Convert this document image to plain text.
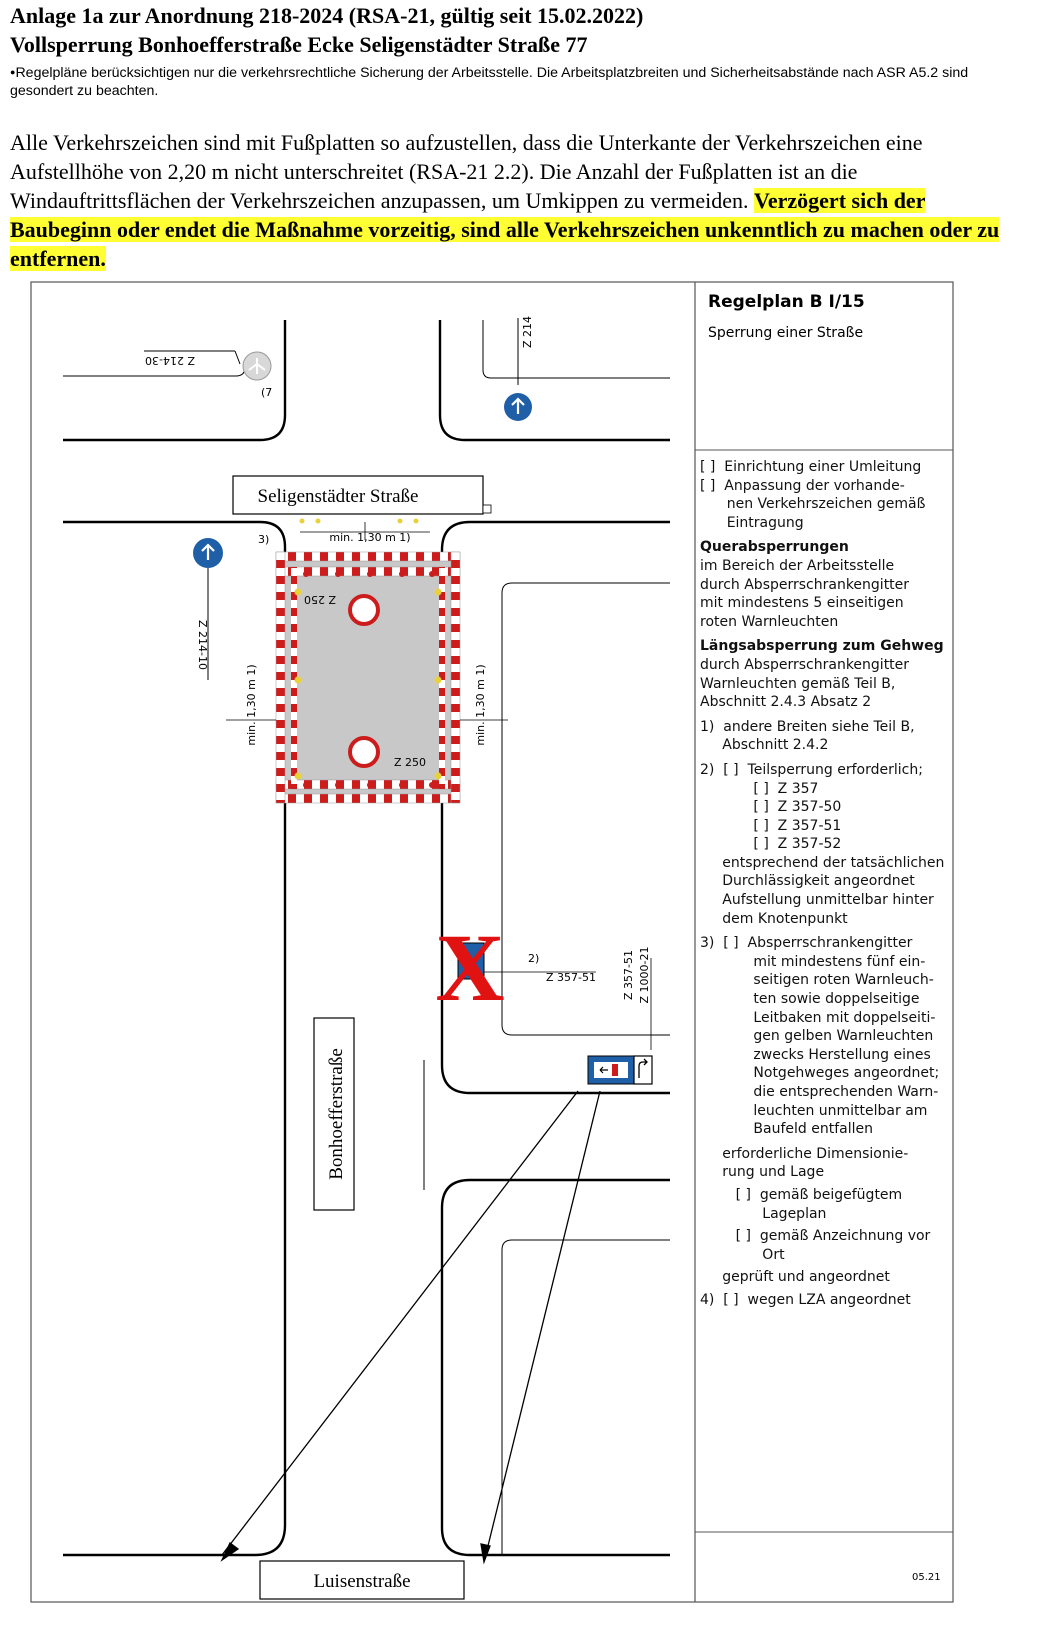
Anlage 1a zur Anordnung 218-2024 (RSA-21, gültig seit 15.02.2022)
Vollsperrung Bonhoefferstraße Ecke Seligenstädter Straße 77
●Regelpläne berücksichtigen nur die verkehrsrechtliche Sicherung der Arbeitsstelle. Die Arbeitsplatzbreiten und Sicherheitsabstände nach ASR A5.2 sind gesondert zu beachten.
Alle Verkehrszeichen sind mit Fußplatten so aufzustellen, dass die Unterkante der Verkehrszeichen eine Aufstellhöhe von 2,20 m nicht unterschreitet (RSA-21 2.2). Die Anzahl der Fußplatten ist an die Windauftrittsflächen der Verkehrszeichen anzupassen, um Umkippen zu vermeiden. Verzögert sich der Baubeginn oder endet die Maßnahme vorzeitig, sind alle Verkehrszeichen unkenntlich zu machen oder zu entfernen.
Seligenstädter Straße
Bonhoefferstraße
Luisenstraße
Z 214-30
(7
Z 214
Z 214-10
Z 250
Z 250
min. 1,30 m 1)
3)
min. 1,30 m 1)	min. 1,30 m 1)
X 2)
Z 357-51 Z 357-51 Z 1000-21
Regelplan B I/15
Sperrung einer Straße
05.21
[ ]  Einrichtung einer Umleitung
[ ]  Anpassung der vorhande-
nen Verkehrszeichen gemäß
Eintragung
Querabsperrungen
im Bereich der Arbeitsstelle
durch Absperrschrankengitter
mit mindestens 5 einseitigen
roten Warnleuchten
Längsabsperrung zum Gehweg
durch Absperrschrankengitter
Warnleuchten gemäß Teil B,
Abschnitt 2.4.3 Absatz 2
1)  andere Breiten siehe Teil B,
Abschnitt 2.4.2
2)  [ ]  Teilsperrung erforderlich;
[ ]  Z 357
[ ]  Z 357-50
[ ]  Z 357-51
[ ]  Z 357-52
entsprechend der tatsächlichen
Durchlässigkeit angeordnet
Aufstellung unmittelbar hinter
dem Knotenpunkt
3)  [ ]  Absperrschrankengitter
mit mindestens fünf ein-
seitigen roten Warnleuch-
ten sowie doppelseitige
Leitbaken mit doppelseiti-
gen gelben Warnleuchten
zwecks Herstellung eines
Notgehweges angeordnet;
die entsprechenden Warn-
leuchten unmittelbar am
Baufeld entfallen
erforderliche Dimensionie-
rung und Lage
[ ]  gemäß beigefügtem
Lageplan
[ ]  gemäß Anzeichnung vor
Ort
geprüft und angeordnet
4)  [ ]  wegen LZA angeordnet
